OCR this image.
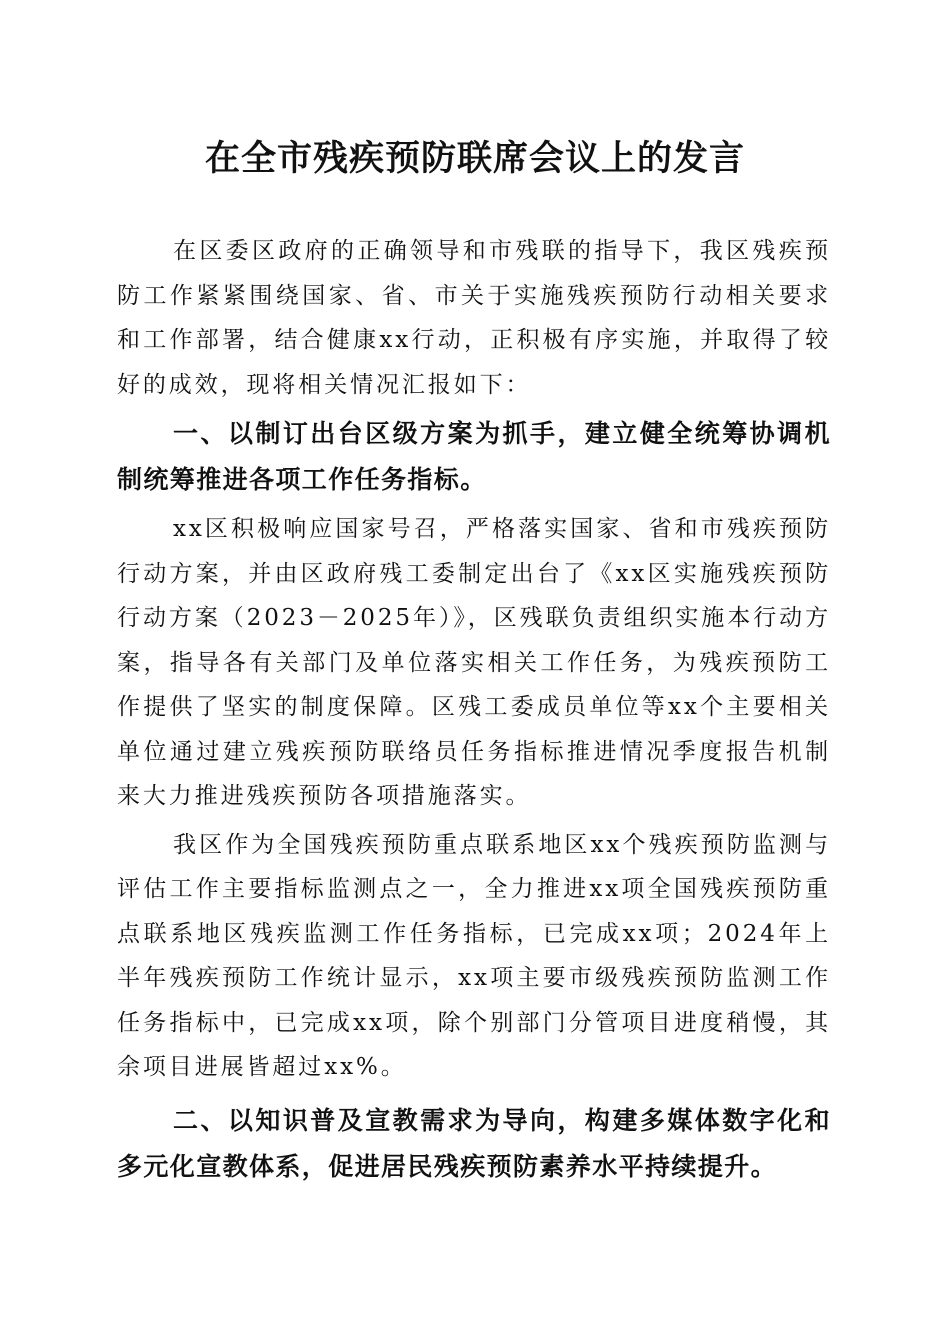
在全市残疾预防联席会议上的发言

在区委区政府的正确领导和市残联的指导下，我区残疾预防工作紧紧围绕国家、省、市关于实施残疾预防行动相关要求和工作部署，结合健康xx行动，正积极有序实施，并取得了较好的成效，现将相关情况汇报如下：

一、以制订出台区级方案为抓手，建立健全统筹协调机制统筹推进各项工作任务指标。

xx区积极响应国家号召，严格落实国家、省和市残疾预防行动方案，并由区政府残工委制定出台了《xx区实施残疾预防行动方案（2023－2025年）》，区残联负责组织实施本行动方案，指导各有关部门及单位落实相关工作任务，为残疾预防工作提供了坚实的制度保障。区残工委成员单位等xx个主要相关单位通过建立残疾预防联络员任务指标推进情况季度报告机制来大力推进残疾预防各项措施落实。

我区作为全国残疾预防重点联系地区xx个残疾预防监测与评估工作主要指标监测点之一，全力推进xx项全国残疾预防重点联系地区残疾监测工作任务指标，已完成xx项；2024年上半年残疾预防工作统计显示，xx项主要市级残疾预防监测工作任务指标中，已完成xx项，除个别部门分管项目进度稍慢，其余项目进展皆超过xx%。

二、以知识普及宣教需求为导向，构建多媒体数字化和多元化宣教体系，促进居民残疾预防素养水平持续提升。
